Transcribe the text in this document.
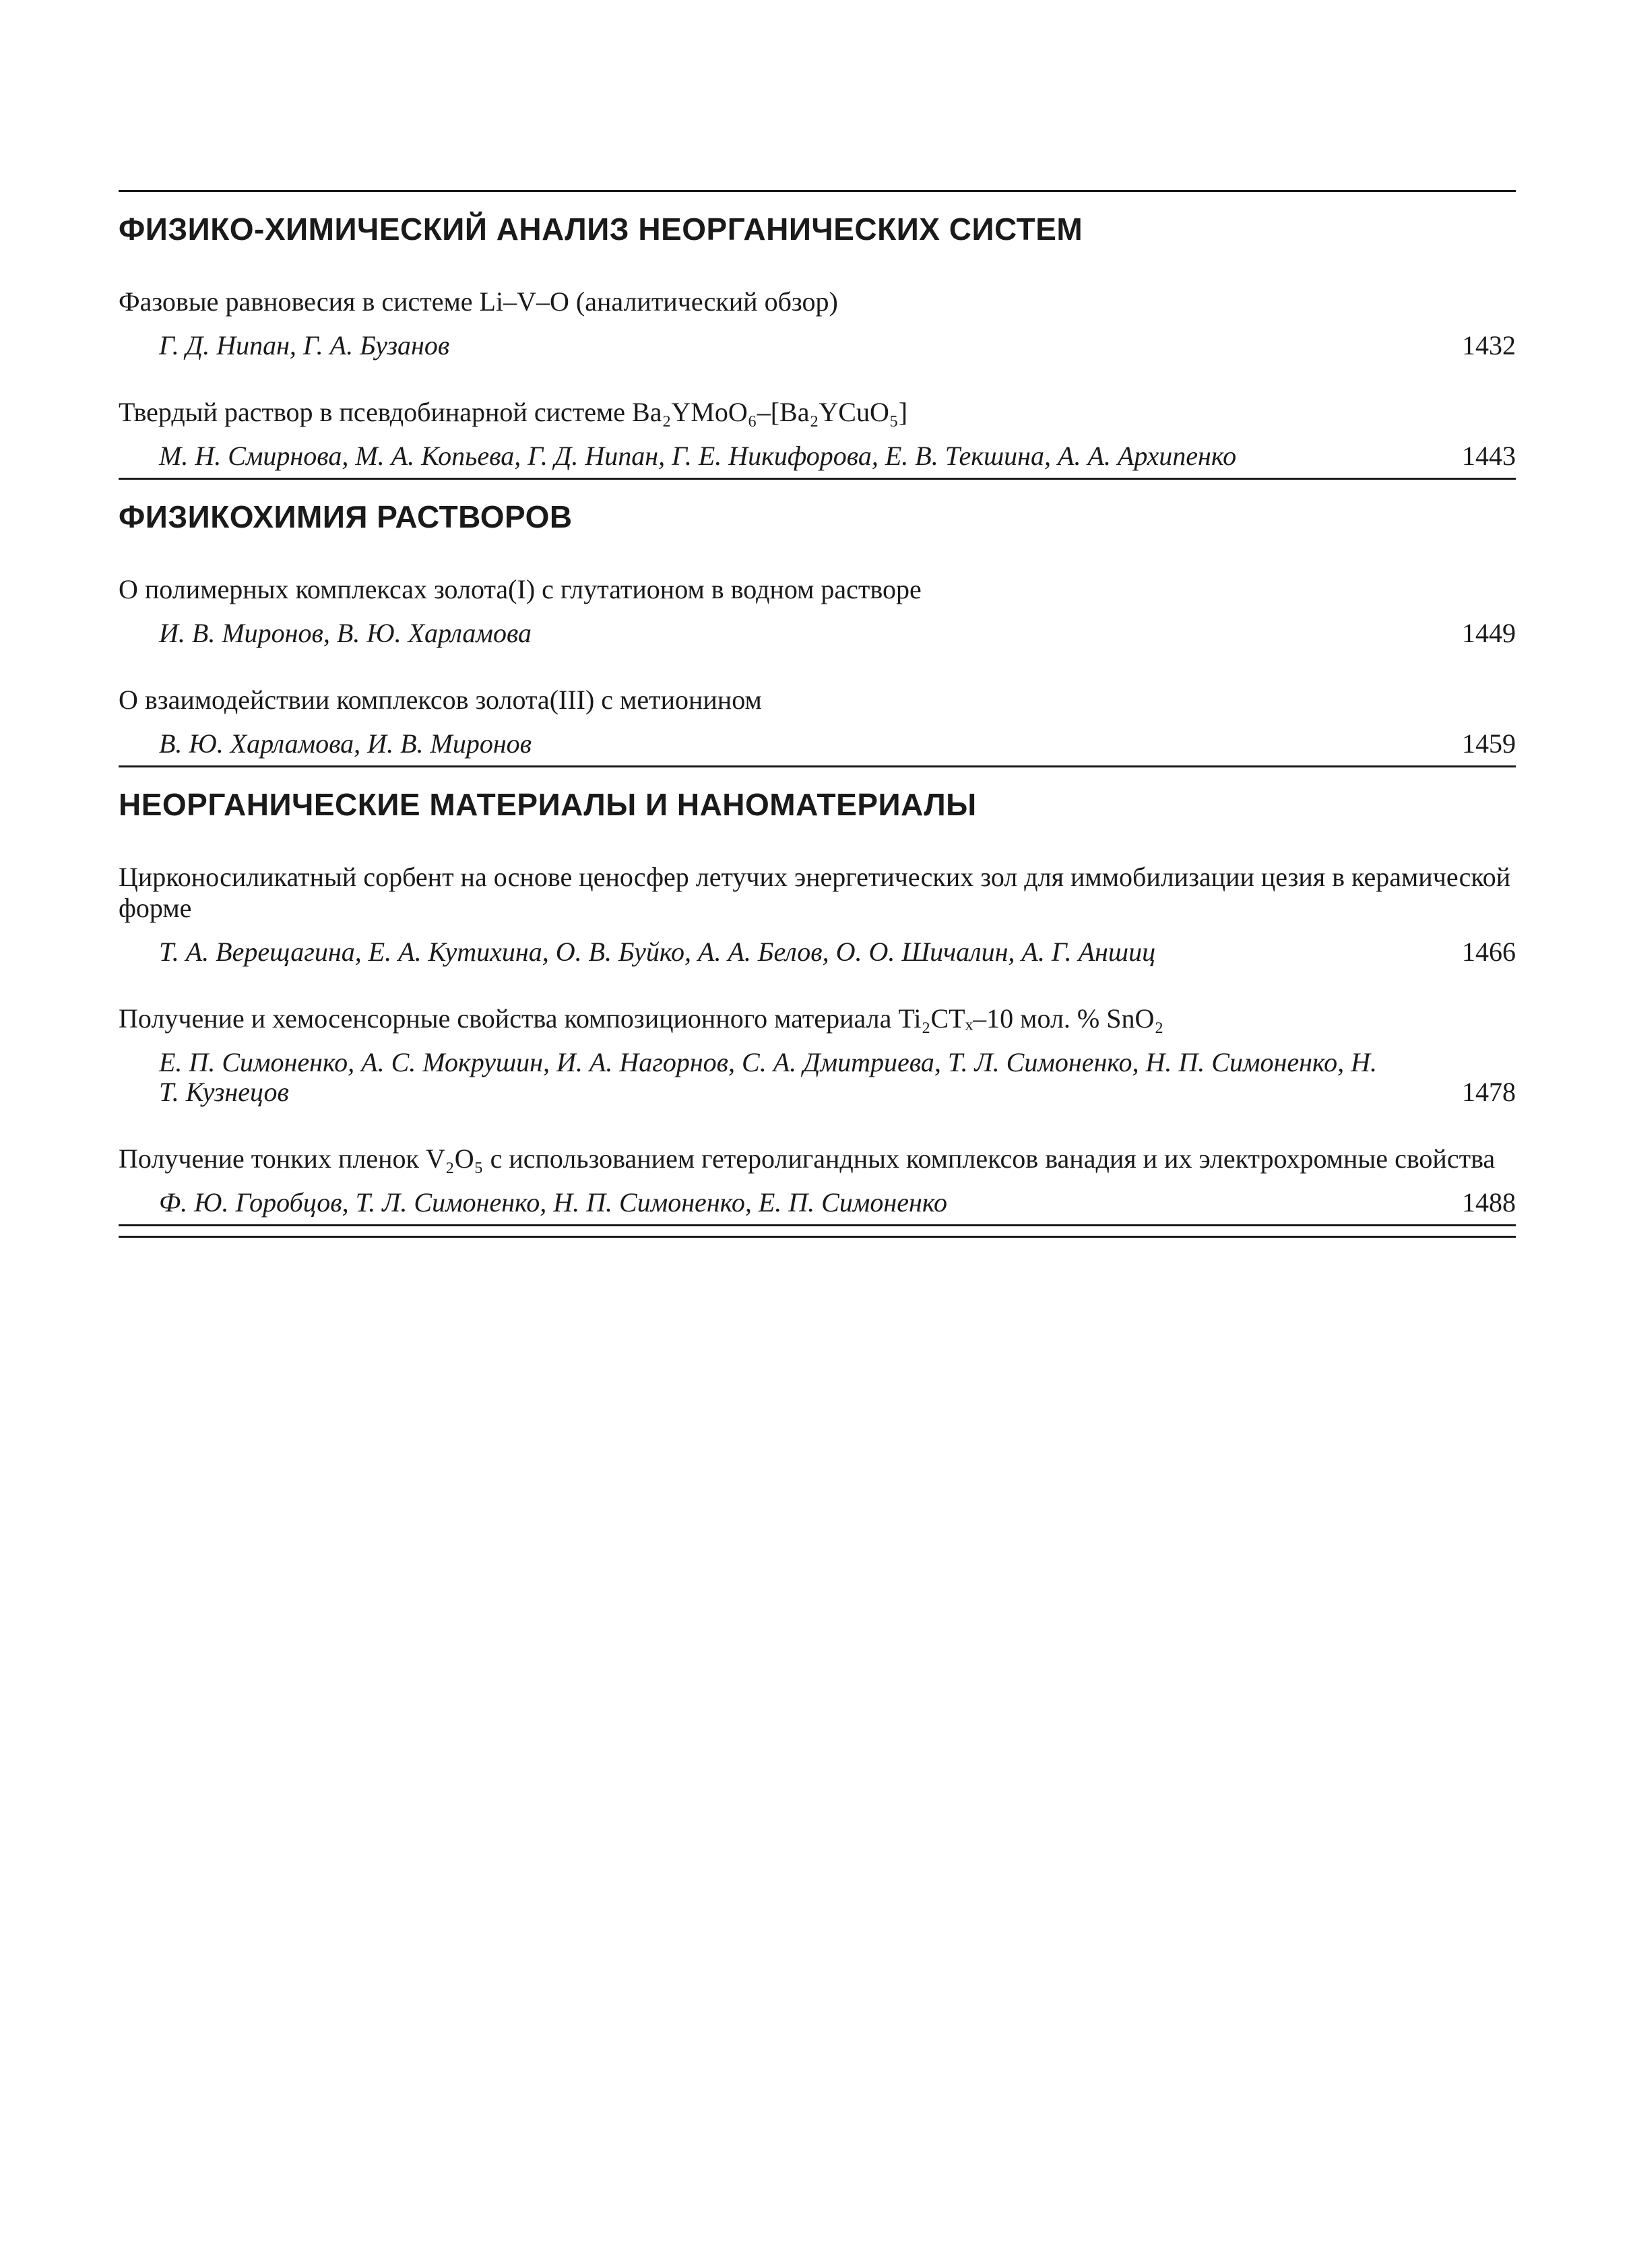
ФИЗИКО-ХИМИЧЕСКИЙ АНАЛИЗ НЕОРГАНИЧЕСКИХ СИСТЕМ
Фазовые равновесия в системе Li–V–O (аналитический обзор)
Г. Д. Нипан, Г. А. Бузанов	1432
Твердый раствор в псевдобинарной системе Ba₂YMoO₆–[Ba₂YCuO₅]
М. Н. Смирнова, М. А. Копьева, Г. Д. Нипан, Г. Е. Никифорова, Е. В. Текшина, А. А. Архипенко	1443
ФИЗИКОХИМИЯ РАСТВОРОВ
О полимерных комплексах золота(I) с глутатионом в водном растворе
И. В. Миронов, В. Ю. Харламова	1449
О взаимодействии комплексов золота(III) с метионином
В. Ю. Харламова, И. В. Миронов	1459
НЕОРГАНИЧЕСКИЕ МАТЕРИАЛЫ И НАНОМАТЕРИАЛЫ
Цирконосиликатный сорбент на основе ценосфер летучих энергетических зол для иммобилизации цезия в керамической форме
Т. А. Верещагина, Е. А. Кутихина, О. В. Буйко, А. А. Белов, О. О. Шичалин, А. Г. Аншиц	1466
Получение и хемосенсорные свойства композиционного материала Ti₂CTₓ–10 мол. % SnO₂
Е. П. Симоненко, А. С. Мокрушин, И. А. Нагорнов, С. А. Дмитриева, Т. Л. Симоненко, Н. П. Симоненко, Н. Т. Кузнецов	1478
Получение тонких пленок V₂O₅ с использованием гетеролигандных комплексов ванадия и их электрохромные свойства
Ф. Ю. Горобцов, Т. Л. Симоненко, Н. П. Симоненко, Е. П. Симоненко	1488
